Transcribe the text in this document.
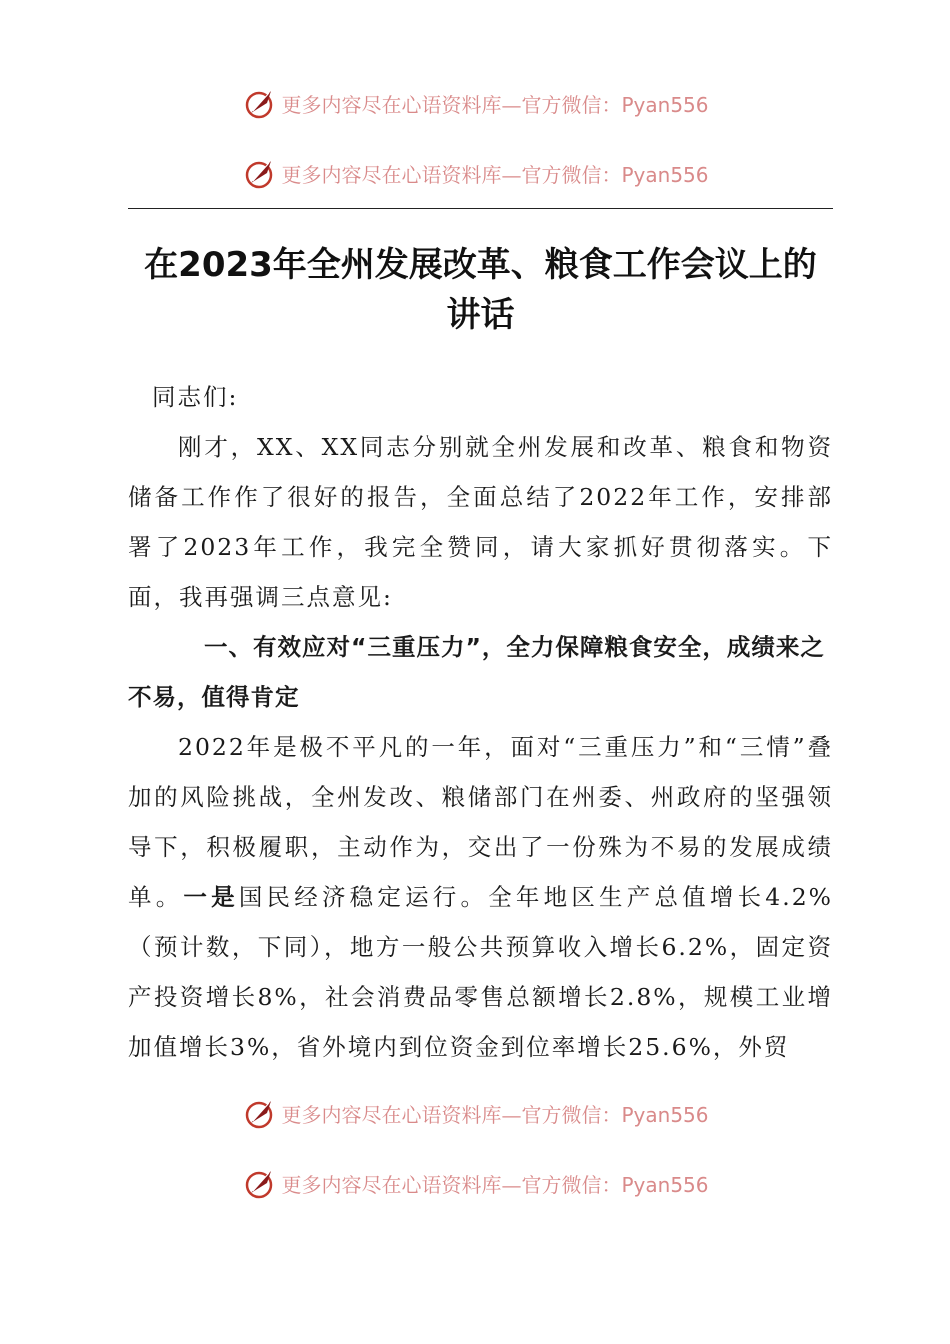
更多内容尽在心语资料库—官方微信：Pyan556
更多内容尽在心语资料库—官方微信：Pyan556
在2023年全州发展改革、粮食工作会议上的
讲话

同志们:

刚才，XX、XX同志分别就全州发展和改革、粮食和物资储备工作作了很好的报告，全面总结了2022年工作，安排部署了2023年工作，我完全赞同，请大家抓好贯彻落实。下面，我再强调三点意见:

一、有效应对“三重压力”，全力保障粮食安全，成绩来之不易，值得肯定

2022年是极不平凡的一年，面对“三重压力”和“三情”叠加的风险挑战，全州发改、粮储部门在州委、州政府的坚强领导下，积极履职，主动作为，交出了一份殊为不易的发展成绩单。一是国民经济稳定运行。全年地区生产总值增长4.2%（预计数，下同），地方一般公共预算收入增长6.2%，固定资产投资增长8%，社会消费品零售总额增长2.8%，规模工业增加值增长3%，省外境内到位资金到位率增长25.6%，外贸

更多内容尽在心语资料库—官方微信：Pyan556
更多内容尽在心语资料库—官方微信：Pyan556
